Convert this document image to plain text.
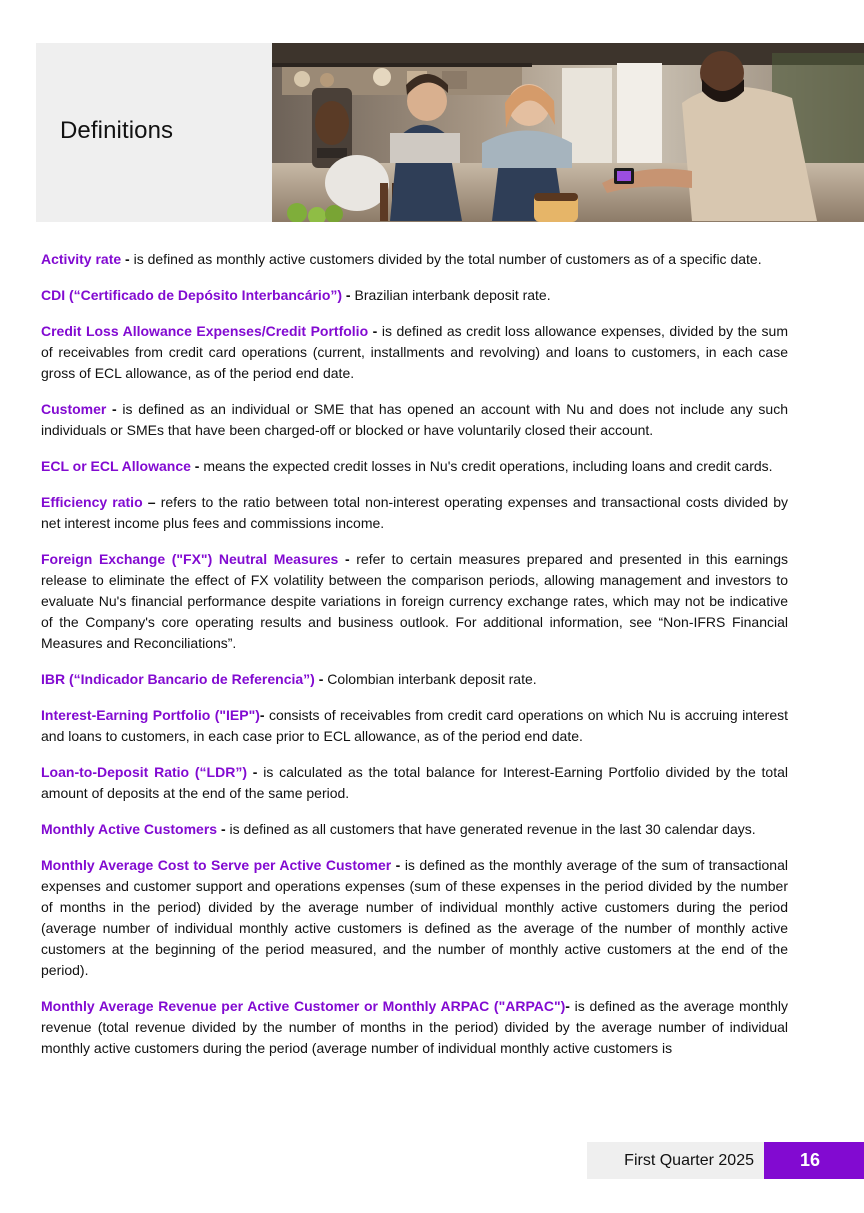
Definitions

Activity rate - is defined as monthly active customers divided by the total number of customers as of a specific date.

CDI (“Certificado de Depósito Interbancário”) - Brazilian interbank deposit rate.

Credit Loss Allowance Expenses/Credit Portfolio - is defined as credit loss allowance expenses, divided by the sum of receivables from credit card operations (current, installments and revolving) and loans to customers, in each case gross of ECL allowance, as of the period end date.

Customer - is defined as an individual or SME that has opened an account with Nu and does not include any such individuals or SMEs that have been charged-off or blocked or have voluntarily closed their account.

ECL or ECL Allowance - means the expected credit losses in Nu's credit operations, including loans and credit cards.

Efficiency ratio – refers to the ratio between total non-interest operating expenses and transactional costs divided by net interest income plus fees and commissions income.

Foreign Exchange ("FX") Neutral Measures - refer to certain measures prepared and presented in this earnings release to eliminate the effect of FX volatility between the comparison periods, allowing management and investors to evaluate Nu's financial performance despite variations in foreign currency exchange rates, which may not be indicative of the Company's core operating results and business outlook. For additional information, see “Non-IFRS Financial Measures and Reconciliations”.

IBR (“Indicador Bancario de Referencia”) - Colombian interbank deposit rate.

Interest-Earning Portfolio ("IEP")- consists of receivables from credit card operations on which Nu is accruing interest and loans to customers, in each case prior to ECL allowance, as of the period end date.

Loan-to-Deposit Ratio (“LDR”) - is calculated as the total balance for Interest-Earning Portfolio divided by the total amount of deposits at the end of the same period.

Monthly Active Customers - is defined as all customers that have generated revenue in the last 30 calendar days.

Monthly Average Cost to Serve per Active Customer - is defined as the monthly average of the sum of transactional expenses and customer support and operations expenses (sum of these expenses in the period divided by the number of months in the period) divided by the average number of individual monthly active customers during the period (average number of individual monthly active customers is defined as the average of the number of monthly active customers at the beginning of the period measured, and the number of monthly active customers at the end of the period).

Monthly Average Revenue per Active Customer or Monthly ARPAC ("ARPAC")- is defined as the average monthly revenue (total revenue divided by the number of months in the period) divided by the average number of individual monthly active customers during the period (average number of individual monthly active customers is

First Quarter 2025	16
